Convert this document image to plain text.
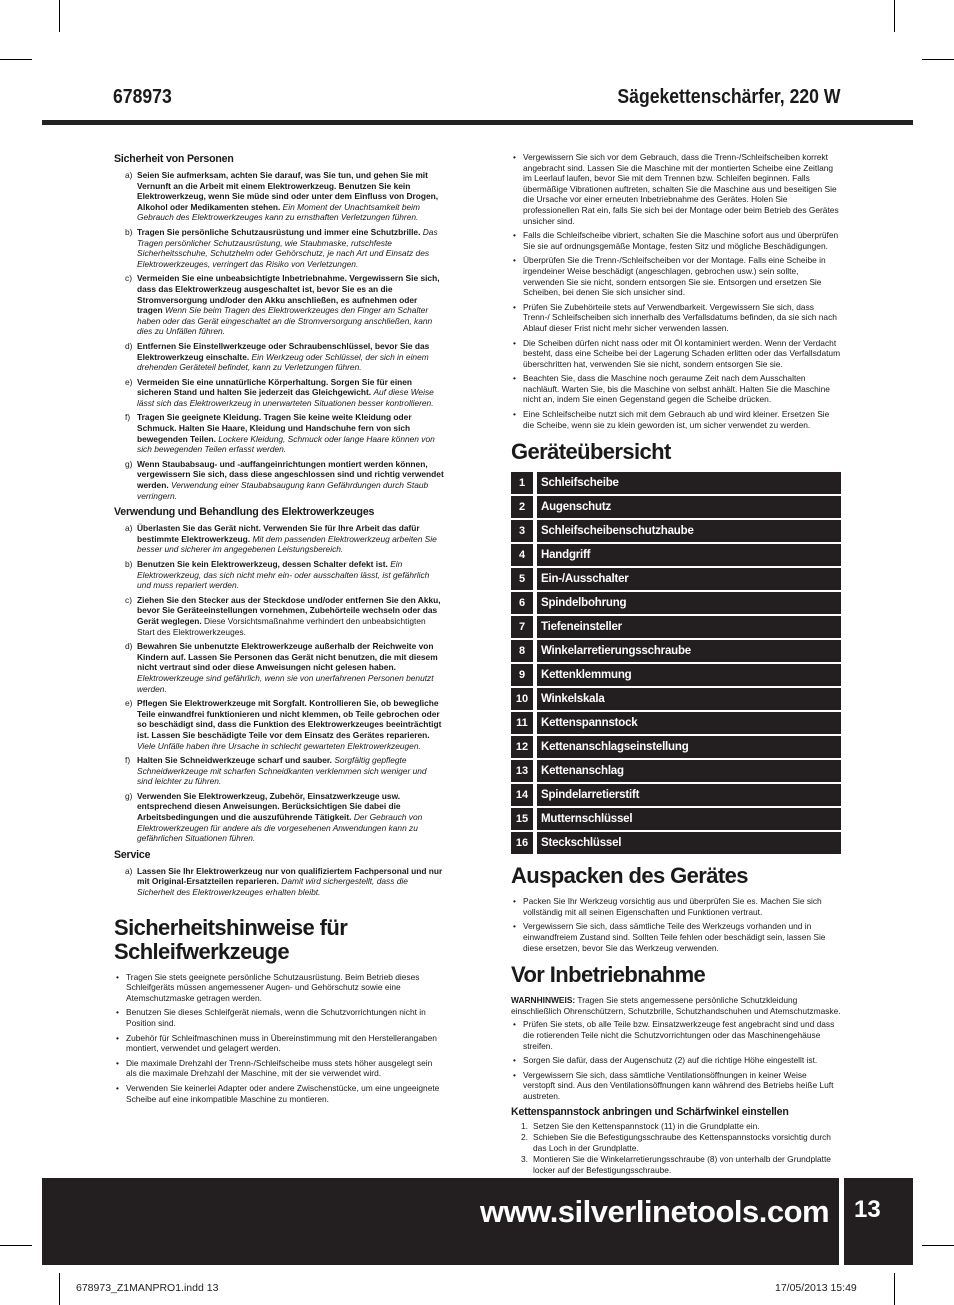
678973	Sägekettenschärfer, 220 W
Sicherheit von Personen
a) Seien Sie aufmerksam, achten Sie darauf, was Sie tun, und gehen Sie mit Vernunft an die Arbeit mit einem Elektrowerkzeug. Benutzen Sie kein Elektrowerkzeug, wenn Sie müde sind oder unter dem Einfluss von Drogen, Alkohol oder Medikamenten stehen. Ein Moment der Unachtsamkeit beim Gebrauch des Elektrowerkzeuges kann zu ernsthaften Verletzungen führen.
b) Tragen Sie persönliche Schutzausrüstung und immer eine Schutzbrille. Das Tragen persönlicher Schutzausrüstung, wie Staubmaske, rutschfeste Sicherheitsschuhe, Schutzhelm oder Gehörschutz, je nach Art und Einsatz des Elektrowerkzeuges, verringert das Risiko von Verletzungen.
c) Vermeiden Sie eine unbeabsichtigte Inbetriebnahme. Vergewissern Sie sich, dass das Elektrowerkzeug ausgeschaltet ist, bevor Sie es an die Stromversorgung und/oder den Akku anschließen, es aufnehmen oder tragen Wenn Sie beim Tragen des Elektrowerkzeuges den Finger am Schalter haben oder das Gerät eingeschaltet an die Stromversorgung anschließen, kann dies zu Unfällen führen.
d) Entfernen Sie Einstellwerkzeuge oder Schraubenschlüssel, bevor Sie das Elektrowerkzeug einschalte. Ein Werkzeug oder Schlüssel, der sich in einem drehenden Geräteteil befindet, kann zu Verletzungen führen.
e) Vermeiden Sie eine unnatürliche Körperhaltung. Sorgen Sie für einen sicheren Stand und halten Sie jederzeit das Gleichgewicht. Auf diese Weise lässt sich das Elektrowerkzeug in unerwarteten Situationen besser kontrollieren.
f) Tragen Sie geeignete Kleidung. Tragen Sie keine weite Kleidung oder Schmuck. Halten Sie Haare, Kleidung und Handschuhe fern von sich bewegenden Teilen. Lockere Kleidung, Schmuck oder lange Haare können von sich bewegenden Teilen erfasst werden.
g) Wenn Staubabsaug- und -auffangeinrichtungen montiert werden können, vergewissern Sie sich, dass diese angeschlossen sind und richtig verwendet werden. Verwendung einer Staubabsaugung kann Gefährdungen durch Staub verringern.
Verwendung und Behandlung des Elektrowerkzeuges
a) Überlasten Sie das Gerät nicht. Verwenden Sie für Ihre Arbeit das dafür bestimmte Elektrowerkzeug. Mit dem passenden Elektrowerkzeug arbeiten Sie besser und sicherer im angegebenen Leistungsbereich.
b) Benutzen Sie kein Elektrowerkzeug, dessen Schalter defekt ist. Ein Elektrowerkzeug, das sich nicht mehr ein- oder ausschalten lässt, ist gefährlich und muss repariert werden.
c) Ziehen Sie den Stecker aus der Steckdose und/oder entfernen Sie den Akku, bevor Sie Geräteeinstellungen vornehmen, Zubehörteile wechseln oder das Gerät weglegen. Diese Vorsichtsmaßnahme verhindert den unbeabsichtigten Start des Elektrowerkzeuges.
d) Bewahren Sie unbenutzte Elektrowerkzeuge außerhalb der Reichweite von Kindern auf. Lassen Sie Personen das Gerät nicht benutzen, die mit diesem nicht vertraut sind oder diese Anweisungen nicht gelesen haben. Elektrowerkzeuge sind gefährlich, wenn sie von unerfahrenen Personen benutzt werden.
e) Pflegen Sie Elektrowerkzeuge mit Sorgfalt. Kontrollieren Sie, ob bewegliche Teile einwandfrei funktionieren und nicht klemmen, ob Teile gebrochen oder so beschädigt sind, dass die Funktion des Elektrowerkzeuges beeinträchtigt ist. Lassen Sie beschädigte Teile vor dem Einsatz des Gerätes reparieren. Viele Unfälle haben ihre Ursache in schlecht gewarteten Elektrowerkzeugen.
f) Halten Sie Schneidwerkzeuge scharf und sauber. Sorgfältig gepflegte Schneidwerkzeuge mit scharfen Schneidkanten verklemmen sich weniger und sind leichter zu führen.
g) Verwenden Sie Elektrowerkzeug, Zubehör, Einsatzwerkzeuge usw. entsprechend diesen Anweisungen. Berücksichtigen Sie dabei die Arbeitsbedingungen und die auszuführende Tätigkeit. Der Gebrauch von Elektrowerkzeugen für andere als die vorgesehenen Anwendungen kann zu gefährlichen Situationen führen.
Service
a) Lassen Sie Ihr Elektrowerkzeug nur von qualifiziertem Fachpersonal und nur mit Original-Ersatzteilen reparieren. Damit wird sichergestellt, dass die Sicherheit des Elektrowerkzeuges erhalten bleibt.
Sicherheitshinweise für Schleifwerkzeuge
• Tragen Sie stets geeignete persönliche Schutzausrüstung. Beim Betrieb dieses Schleifgeräts müssen angemessener Augen- und Gehörschutz sowie eine Atemschutzmaske getragen werden.
• Benutzen Sie dieses Schleifgerät niemals, wenn die Schutzvorrichtungen nicht in Position sind.
• Zubehör für Schleifmaschinen muss in Übereinstimmung mit den Herstellerangaben montiert, verwendet und gelagert werden.
• Die maximale Drehzahl der Trenn-/Schleifscheibe muss stets höher ausgelegt sein als die maximale Drehzahl der Maschine, mit der sie verwendet wird.
• Verwenden Sie keinerlei Adapter oder andere Zwischenstücke, um eine ungeeignete Scheibe auf eine inkompatible Maschine zu montieren.
• Vergewissern Sie sich vor dem Gebrauch, dass die Trenn-/Schleifscheiben korrekt angebracht sind. Lassen Sie die Maschine mit der montierten Scheibe eine Zeitlang im Leerlauf laufen, bevor Sie mit dem Trennen bzw. Schleifen beginnen. Falls übermäßige Vibrationen auftreten, schalten Sie die Maschine aus und beseitigen Sie die Ursache vor einer erneuten Inbetriebnahme des Gerätes. Holen Sie professionellen Rat ein, falls Sie sich bei der Montage oder beim Betrieb des Gerätes unsicher sind.
• Falls die Schleifscheibe vibriert, schalten Sie die Maschine sofort aus und überprüfen Sie sie auf ordnungsgemäße Montage, festen Sitz und mögliche Beschädigungen.
• Überprüfen Sie die Trenn-/Schleifscheiben vor der Montage. Falls eine Scheibe in irgendeiner Weise beschädigt (angeschlagen, gebrochen usw.) sein sollte, verwenden Sie sie nicht, sondern entsorgen Sie sie. Entsorgen und ersetzen Sie Scheiben, bei denen Sie sich unsicher sind.
• Prüfen Sie Zubehörteile stets auf Verwendbarkeit. Vergewissern Sie sich, dass Trenn-/ Schleifscheiben sich innerhalb des Verfallsdatums befinden, da sie sich nach Ablauf dieser Frist nicht mehr sicher verwenden lassen.
• Die Scheiben dürfen nicht nass oder mit Öl kontaminiert werden. Wenn der Verdacht besteht, dass eine Scheibe bei der Lagerung Schaden erlitten oder das Verfallsdatum überschritten hat, verwenden Sie sie nicht, sondern entsorgen Sie sie.
• Beachten Sie, dass die Maschine noch geraume Zeit nach dem Ausschalten nachläuft. Warten Sie, bis die Maschine von selbst anhält. Halten Sie die Maschine nicht an, indem Sie einen Gegenstand gegen die Scheibe drücken.
• Eine Schleifscheibe nutzt sich mit dem Gebrauch ab und wird kleiner. Ersetzen Sie die Scheibe, wenn sie zu klein geworden ist, um sicher verwendet zu werden.
Geräteübersicht
1	Schleifscheibe
2	Augenschutz
3	Schleifscheibenschutzhaube
4	Handgriff
5	Ein-/Ausschalter
6	Spindelbohrung
7	Tiefeneinsteller
8	Winkelarretierungsschraube
9	Kettenklemmung
10	Winkelskala
11	Kettenspannstock
12	Kettenanschlagseinstellung
13	Kettenanschlag
14	Spindelarretierstift
15	Mutternschlüssel
16	Steckschlüssel
Auspacken des Gerätes
• Packen Sie Ihr Werkzeug vorsichtig aus und überprüfen Sie es. Machen Sie sich vollständig mit all seinen Eigenschaften und Funktionen vertraut.
• Vergewissern Sie sich, dass sämtliche Teile des Werkzeugs vorhanden und in einwandfreiem Zustand sind. Sollten Teile fehlen oder beschädigt sein, lassen Sie diese ersetzen, bevor Sie das Werkzeug verwenden.
Vor Inbetriebnahme
WARNHINWEIS: Tragen Sie stets angemessene persönliche Schutzkleidung einschließlich Ohrenschützern, Schutzbrille, Schutzhandschuhen und Atemschutzmaske.
• Prüfen Sie stets, ob alle Teile bzw. Einsatzwerkzeuge fest angebracht sind und dass die rotierenden Teile nicht die Schutzvorrichtungen oder das Maschinengehäuse streifen.
• Sorgen Sie dafür, dass der Augenschutz (2) auf die richtige Höhe eingestellt ist.
• Vergewissern Sie sich, dass sämtliche Ventilationsöffnungen in keiner Weise verstopft sind. Aus den Ventilationsöffnungen kann während des Betriebs heiße Luft austreten.
Kettenspannstock anbringen und Schärfwinkel einstellen
1. Setzen Sie den Kettenspannstock (11) in die Grundplatte ein.
2. Schieben Sie die Befestigungsschraube des Kettenspannstocks vorsichtig durch das Loch in der Grundplatte.
3. Montieren Sie die Winkelarretierungsschraube (8) von unterhalb der Grundplatte locker auf der Befestigungsschraube.
www.silverlinetools.com 13
678973_Z1MANPRO1.indd 13	17/05/2013 15:49
